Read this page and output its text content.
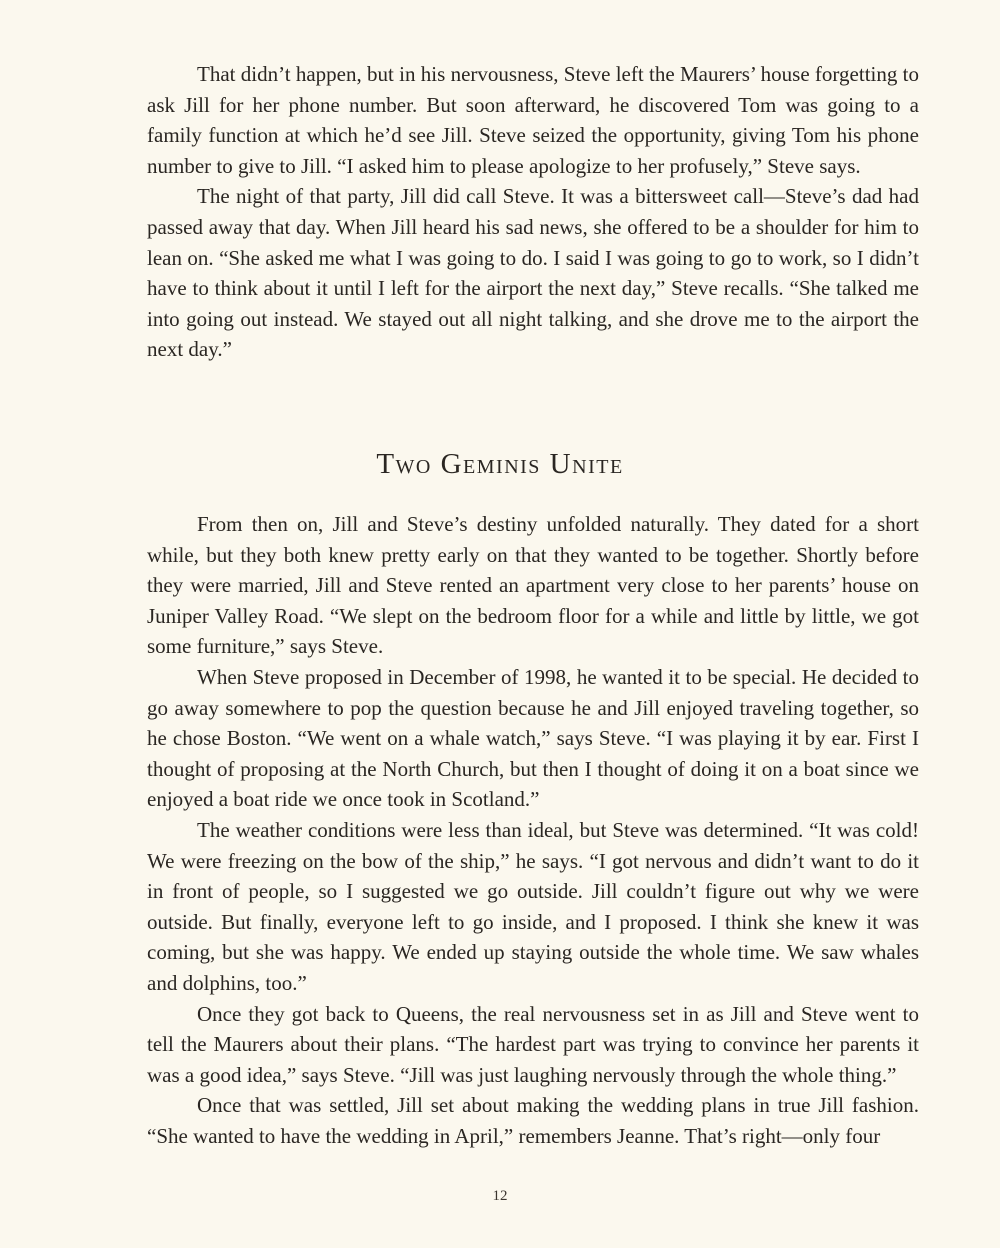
That didn’t happen, but in his nervousness, Steve left the Maurers’ house forgetting to ask Jill for her phone number. But soon afterward, he discovered Tom was going to a family function at which he’d see Jill. Steve seized the opportunity, giving Tom his phone number to give to Jill. “I asked him to please apologize to her profusely,” Steve says.

The night of that party, Jill did call Steve. It was a bittersweet call—Steve’s dad had passed away that day. When Jill heard his sad news, she offered to be a shoulder for him to lean on. “She asked me what I was going to do. I said I was going to go to work, so I didn’t have to think about it until I left for the airport the next day,” Steve recalls. “She talked me into going out instead. We stayed out all night talking, and she drove me to the airport the next day.”

Two Geminis Unite

From then on, Jill and Steve’s destiny unfolded naturally. They dated for a short while, but they both knew pretty early on that they wanted to be together. Shortly before they were married, Jill and Steve rented an apartment very close to her parents’ house on Juniper Valley Road. “We slept on the bedroom floor for a while and little by little, we got some furniture,” says Steve.

When Steve proposed in December of 1998, he wanted it to be special. He decided to go away somewhere to pop the question because he and Jill enjoyed traveling together, so he chose Boston. “We went on a whale watch,” says Steve. “I was playing it by ear. First I thought of proposing at the North Church, but then I thought of doing it on a boat since we enjoyed a boat ride we once took in Scotland.”

The weather conditions were less than ideal, but Steve was determined. “It was cold! We were freezing on the bow of the ship,” he says. “I got nervous and didn’t want to do it in front of people, so I suggested we go outside. Jill couldn’t figure out why we were outside. But finally, everyone left to go inside, and I proposed. I think she knew it was coming, but she was happy. We ended up staying outside the whole time. We saw whales and dolphins, too.”

Once they got back to Queens, the real nervousness set in as Jill and Steve went to tell the Maurers about their plans. “The hardest part was trying to convince her parents it was a good idea,” says Steve. “Jill was just laughing nervously through the whole thing.”

Once that was settled, Jill set about making the wedding plans in true Jill fashion. “She wanted to have the wedding in April,” remembers Jeanne. That’s right—only four

12
